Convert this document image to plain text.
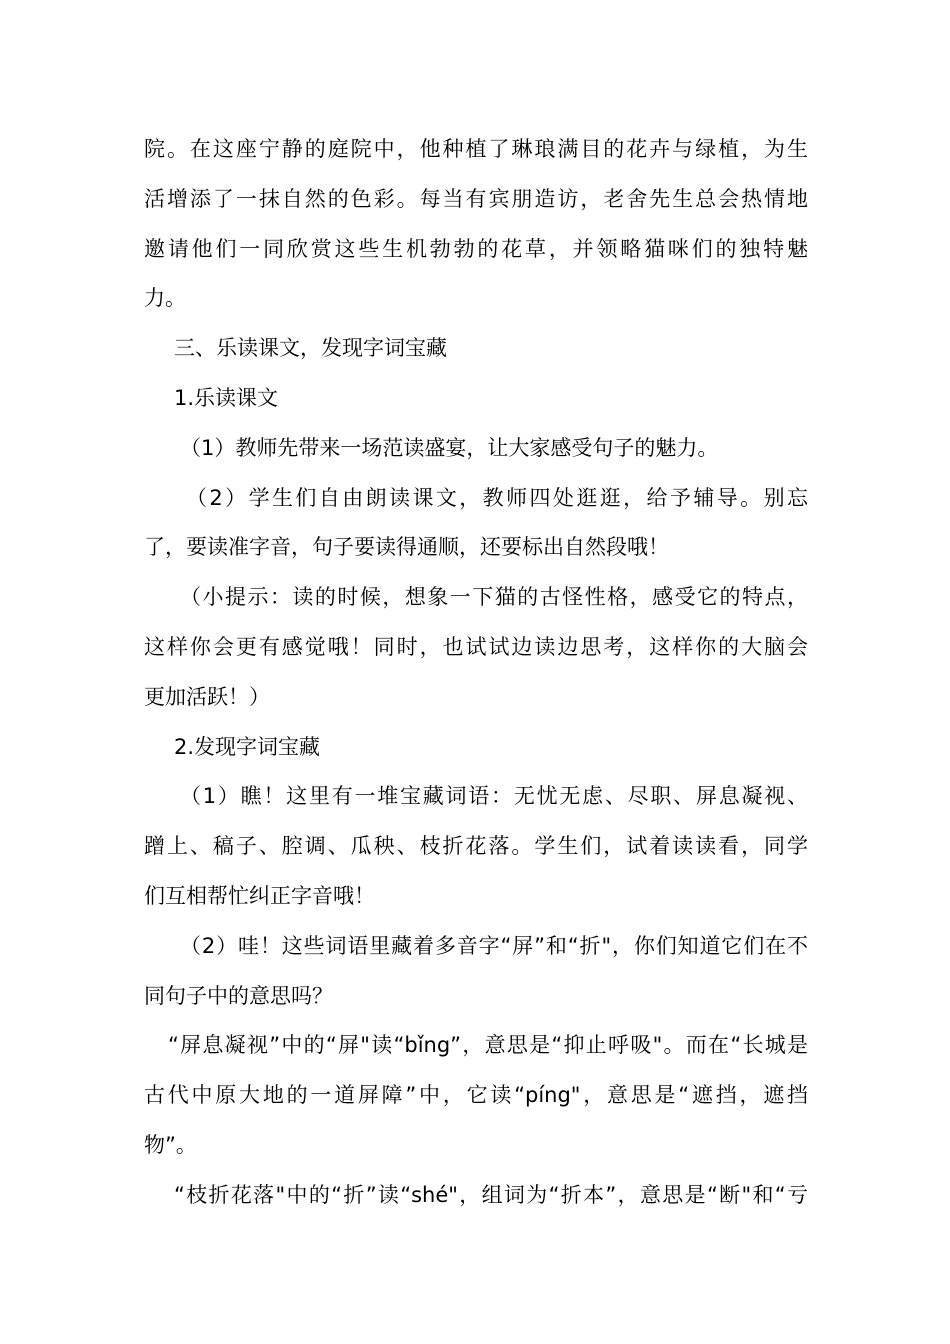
院。在这座宁静的庭院中，他种植了琳琅满目的花卉与绿植，为生
活增添了一抹自然的色彩。每当有宾朋造访，老舍先生总会热情地
邀请他们一同欣赏这些生机勃勃的花草，并领略猫咪们的独特魅
力。
三、乐读课文，发现字词宝藏
1.乐读课文
（1）教师先带来一场范读盛宴，让大家感受句子的魅力。
（2）学生们自由朗读课文，教师四处逛逛，给予辅导。别忘
了，要读准字音，句子要读得通顺，还要标出自然段哦！
（小提示：读的时候，想象一下猫的古怪性格，感受它的特点，
这样你会更有感觉哦！同时，也试试边读边思考，这样你的大脑会
更加活跃！）
2.发现字词宝藏
（1）瞧！这里有一堆宝藏词语：无忧无虑、尽职、屏息凝视、
蹭上、稿子、腔调、瓜秧、枝折花落。学生们，试着读读看，同学
们互相帮忙纠正字音哦！
（2）哇！这些词语里藏着多音字“屏”和“折"，你们知道它们在不
同句子中的意思吗？
“屏息凝视”中的“屏"读“bǐng”，意思是“抑止呼吸"。而在“长城是
古代中原大地的一道屏障”中，它读“píng"，意思是“遮挡，遮挡
物”。
“枝折花落"中的“折”读“shé"，组词为“折本”，意思是“断"和“亏
